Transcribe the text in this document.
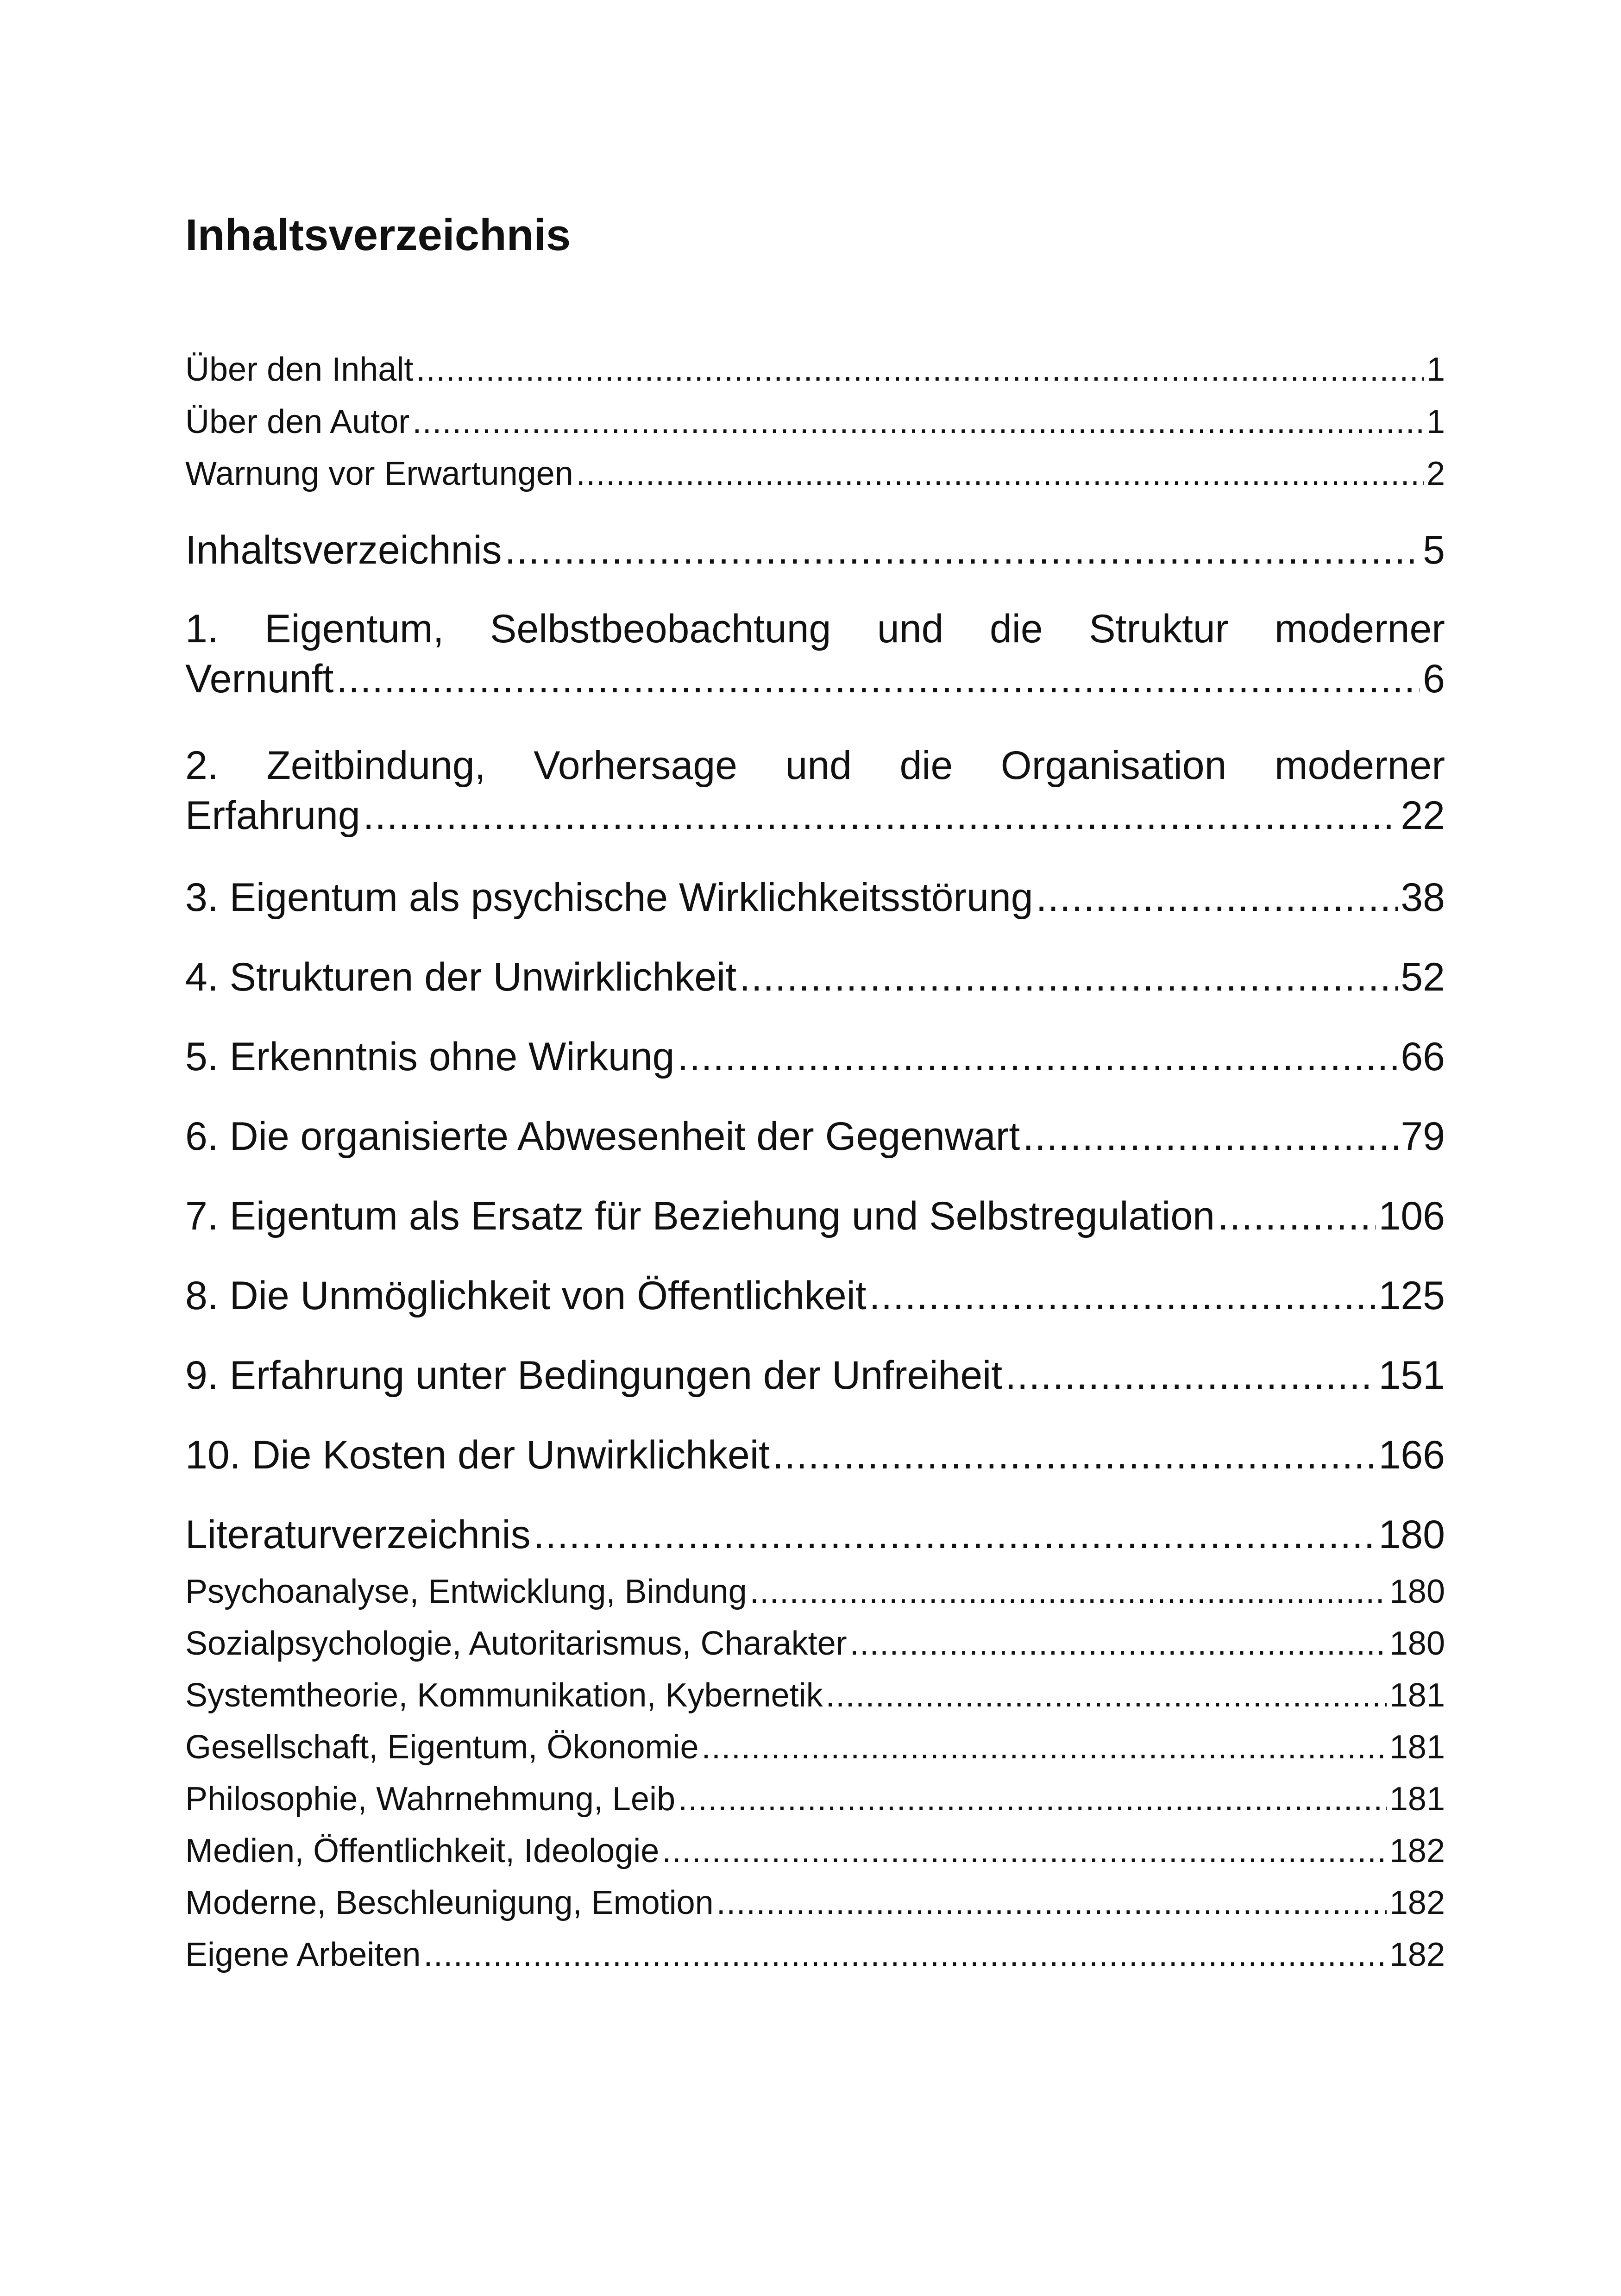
Inhaltsverzeichnis
Über den Inhalt .....	1
Über den Autor .....	1
Warnung vor Erwartungen .....	2
Inhaltsverzeichnis .....	5
1. Eigentum, Selbstbeobachtung und die Struktur moderner
Vernunft .....	6
2. Zeitbindung, Vorhersage und die Organisation moderner
Erfahrung .....	22
3. Eigentum als psychische Wirklichkeitsstörung .....	38
4. Strukturen der Unwirklichkeit .....	52
5. Erkenntnis ohne Wirkung .....	66
6. Die organisierte Abwesenheit der Gegenwart .....	79
7. Eigentum als Ersatz für Beziehung und Selbstregulation .....	106
8. Die Unmöglichkeit von Öffentlichkeit .....	125
9. Erfahrung unter Bedingungen der Unfreiheit .....	151
10. Die Kosten der Unwirklichkeit .....	166
Literaturverzeichnis .....	180
Psychoanalyse, Entwicklung, Bindung .....	180
Sozialpsychologie, Autoritarismus, Charakter .....	180
Systemtheorie, Kommunikation, Kybernetik .....	181
Gesellschaft, Eigentum, Ökonomie .....	181
Philosophie, Wahrnehmung, Leib .....	181
Medien, Öffentlichkeit, Ideologie .....	182
Moderne, Beschleunigung, Emotion .....	182
Eigene Arbeiten .....	182
